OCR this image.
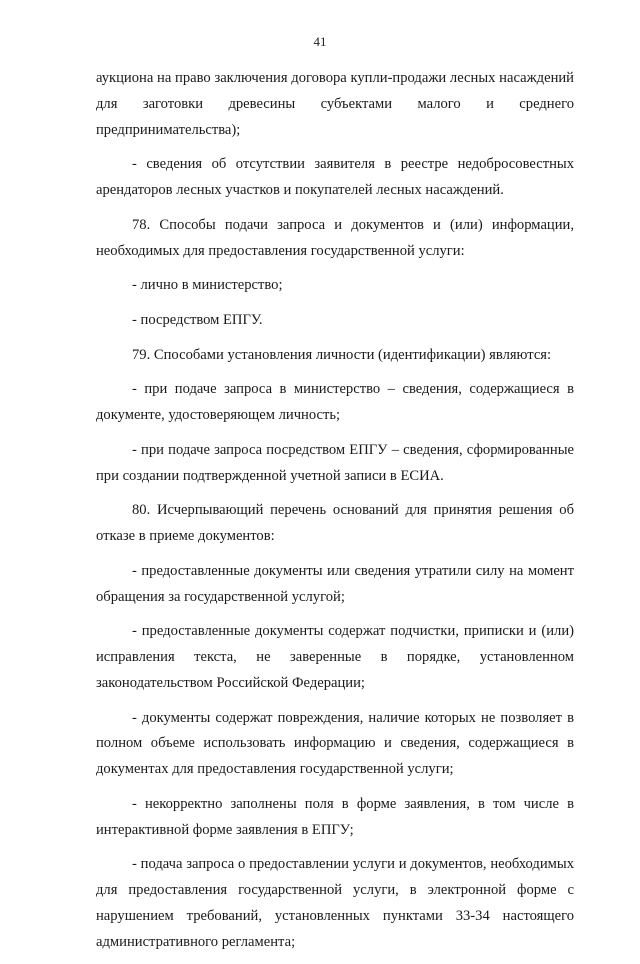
41

аукциона на право заключения договора купли-продажи лесных насаждений для заготовки древесины субъектами малого и среднего предпринимательства);

- сведения об отсутствии заявителя в реестре недобросовестных арендаторов лесных участков и покупателей лесных насаждений.

78. Способы подачи запроса и документов и (или) информации, необходимых для предоставления государственной услуги:

- лично в министерство;

- посредством ЕПГУ.

79. Способами установления личности (идентификации) являются:

- при подаче запроса в министерство – сведения, содержащиеся в документе, удостоверяющем личность;

- при подаче запроса посредством ЕПГУ – сведения, сформированные при создании подтвержденной учетной записи в ЕСИА.

80. Исчерпывающий перечень оснований для принятия решения об отказе в приеме документов:

- предоставленные документы или сведения утратили силу на момент обращения за государственной услугой;

- предоставленные документы содержат подчистки, приписки и (или) исправления текста, не заверенные в порядке, установленном законодательством Российской Федерации;

- документы содержат повреждения, наличие которых не позволяет в полном объеме использовать информацию и сведения, содержащиеся в документах для предоставления государственной услуги;

- некорректно заполнены поля в форме заявления, в том числе в интерактивной форме заявления в ЕПГУ;

- подача запроса о предоставлении услуги и документов, необходимых для предоставления государственной услуги, в электронной форме с нарушением требований, установленных пунктами 33-34 настоящего административного регламента;
